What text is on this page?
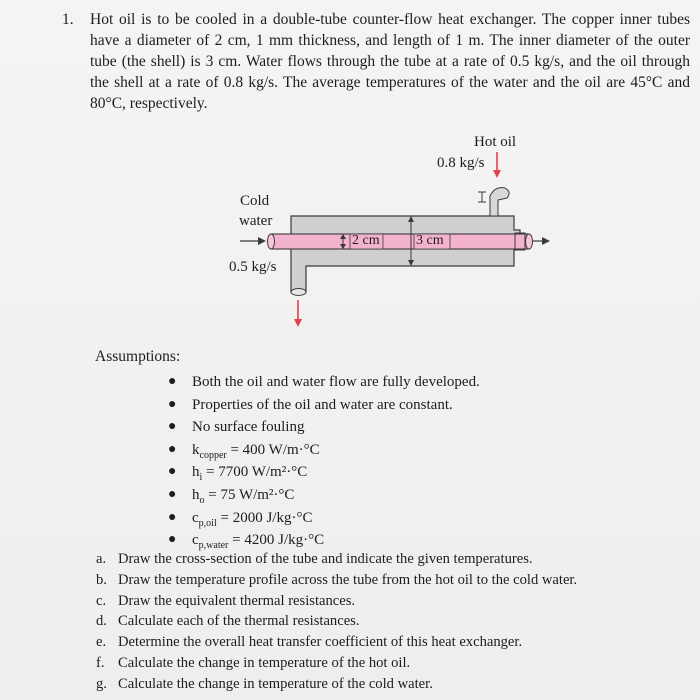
1. Hot oil is to be cooled in a double-tube counter-flow heat exchanger. The copper inner tubes have a diameter of 2 cm, 1 mm thickness, and length of 1 m. The inner diameter of the outer tube (the shell) is 3 cm. Water flows through the tube at a rate of 0.5 kg/s, and the oil through the shell at a rate of 0.8 kg/s. The average temperatures of the water and the oil are 45°C and 80°C, respectively.
Hot oil
0.8 kg/s
Cold
water
0.5 kg/s
2 cm	3 cm
Assumptions:
● Both the oil and water flow are fully developed.
● Properties of the oil and water are constant.
● No surface fouling
● $k_{copper} = 400$ W/m·°C
● $h_i = 7700$ W/m²·°C
● $h_o = 75$ W/m²·°C
● $c_{p,oil} = 2000$ J/kg·°C
● $c_{p,water} = 4200$ J/kg·°C
a. Draw the cross-section of the tube and indicate the given temperatures.
b. Draw the temperature profile across the tube from the hot oil to the cold water.
c. Draw the equivalent thermal resistances.
d. Calculate each of the thermal resistances.
e. Determine the overall heat transfer coefficient of this heat exchanger.
f. Calculate the change in temperature of the hot oil.
g. Calculate the change in temperature of the cold water.
